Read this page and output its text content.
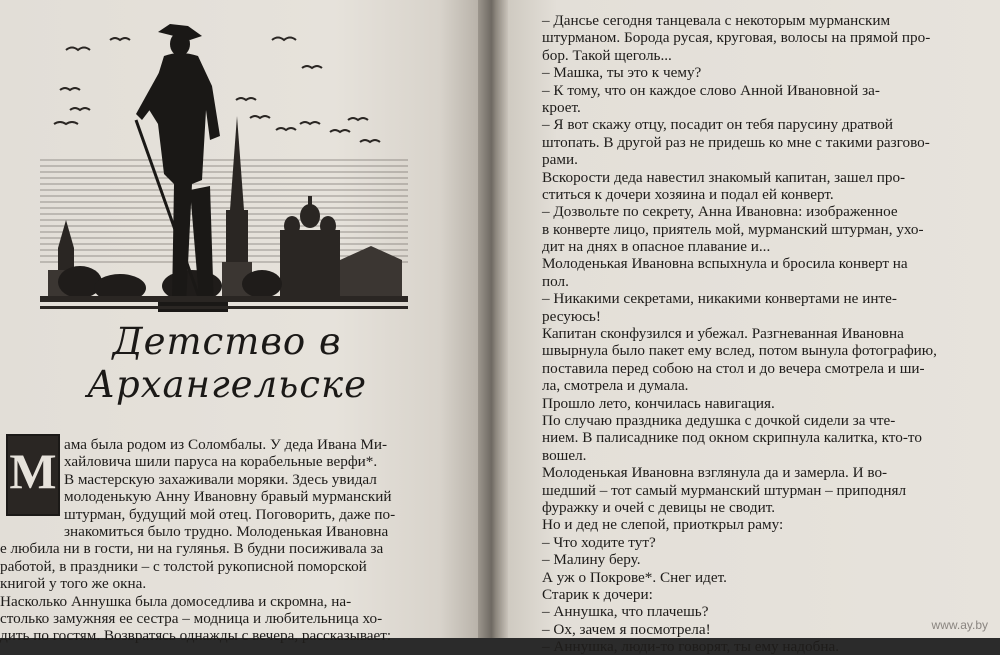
Детство в Архангельске
М ама была родом из Соломбалы. У деда Ивана Ми-
хайловича шили паруса на корабельные верфи*.
В мастерскую захаживали моряки. Здесь увидал
молоденькую Анну Ивановну бравый мурманский
штурман, будущий мой отец. Поговорить, даже по-
знакомиться было трудно. Молоденькая Ивановна
е любила ни в гости, ни на гулянья. В будни посиживала за
работой, в праздники – с толстой рукописной поморской
книгой у того же окна.
Насколько Аннушка была домоседлива и скромна, на-
столько замужняя ее сестра – модница и любительница хо-
дить по гостям. Возвратясь однажды с вечера, рассказывает:
– Дансье сегодня танцевала с некоторым мурманским
штурманом. Борода русая, круговая, волосы на прямой про-
бор. Такой щеголь...
– Машка, ты это к чему?
– К тому, что он каждое слово Анной Ивановной за-
кроет.
– Я вот скажу отцу, посадит он тебя парусину дратвой
штопать. В другой раз не придешь ко мне с такими разгово-
рами.
Вскорости деда навестил знакомый капитан, зашел про-
ститься к дочери хозяина и подал ей конверт.
– Дозвольте по секрету, Анна Ивановна: изображенное
в конверте лицо, приятель мой, мурманский штурман, ухо-
дит на днях в опасное плавание и...
Молоденькая Ивановна вспыхнула и бросила конверт на
пол.
– Никакими секретами, никакими конвертами не инте-
ресуюсь!
Капитан сконфузился и убежал. Разгневанная Ивановна
швырнула было пакет ему вслед, потом вынула фотографию,
поставила перед собою на стол и до вечера смотрела и ши-
ла, смотрела и думала.
Прошло лето, кончилась навигация.
По случаю праздника дедушка с дочкой сидели за чте-
нием. В палисаднике под окном скрипнула калитка, кто-то
вошел.
Молоденькая Ивановна взглянула да и замерла. И во-
шедший – тот самый мурманский штурман – приподнял
фуражку и очей с девицы не сводит.
Но и дед не слепой, приоткрыл раму:
– Что ходите тут?
– Малину беру.
А уж о Покрове*. Снег идет.
Старик к дочери:
– Аннушка, что плачешь?
– Ох, зачем я посмотрела!
– Аннушка, люди-то говорят, ты ему надобна.
www.ay.by
